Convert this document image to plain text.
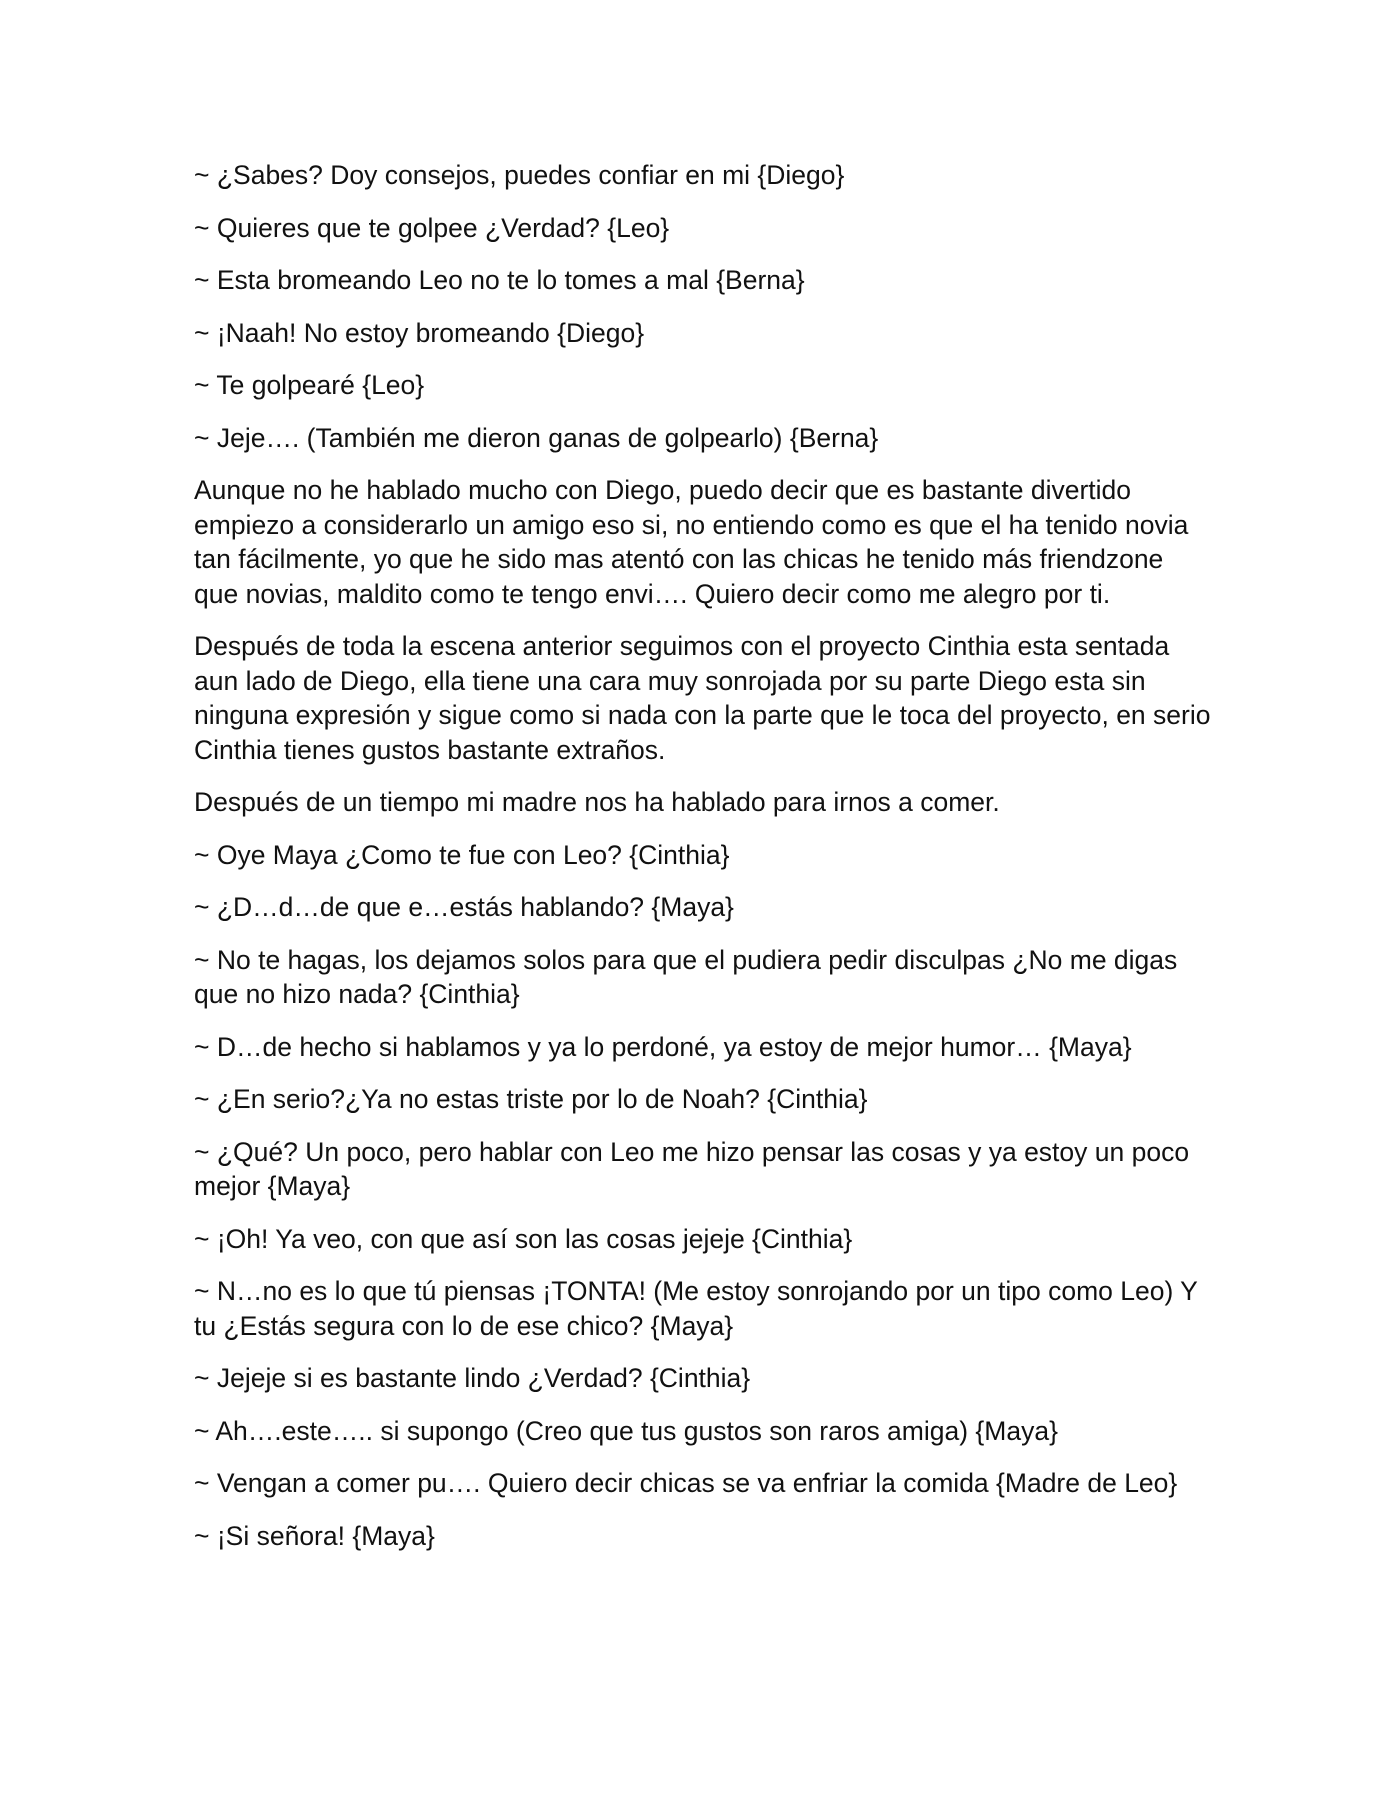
~ ¿Sabes? Doy consejos, puedes confiar en mi {Diego}

~ Quieres que te golpee ¿Verdad? {Leo}

~ Esta bromeando Leo no te lo tomes a mal {Berna}

~ ¡Naah! No estoy bromeando {Diego}

~ Te golpearé {Leo}

~ Jeje…. (También me dieron ganas de golpearlo) {Berna}

Aunque no he hablado mucho con Diego, puedo decir que es bastante divertido empiezo a considerarlo un amigo eso si, no entiendo como es que el ha tenido novia tan fácilmente, yo que he sido mas atentó con las chicas he tenido más friendzone que novias, maldito como te tengo envi…. Quiero decir como me alegro por ti.

Después de toda la escena anterior seguimos con el proyecto Cinthia esta sentada aun lado de Diego, ella tiene una cara muy sonrojada por su parte Diego esta sin ninguna expresión y sigue como si nada con la parte que le toca del proyecto, en serio Cinthia tienes gustos bastante extraños.

Después de un tiempo mi madre nos ha hablado para irnos a comer.

~ Oye Maya ¿Como te fue con Leo? {Cinthia}

~ ¿D…d…de que e…estás hablando? {Maya}

~ No te hagas, los dejamos solos para que el pudiera pedir disculpas ¿No me digas que no hizo nada? {Cinthia}

~ D…de hecho si hablamos y ya lo perdoné, ya estoy de mejor humor… {Maya}

~ ¿En serio?¿Ya no estas triste por lo de Noah? {Cinthia}

~ ¿Qué? Un poco, pero hablar con Leo me hizo pensar las cosas y ya estoy un poco mejor {Maya}

~ ¡Oh! Ya veo, con que así son las cosas jejeje {Cinthia}

~ N…no es lo que tú piensas ¡TONTA! (Me estoy sonrojando por un tipo como Leo) Y tu ¿Estás segura con lo de ese chico? {Maya}

~ Jejeje si es bastante lindo ¿Verdad? {Cinthia}

~ Ah….este….. si supongo (Creo que tus gustos son raros amiga) {Maya}

~ Vengan a comer pu…. Quiero decir chicas se va enfriar la comida {Madre de Leo}

~ ¡Si señora! {Maya}
